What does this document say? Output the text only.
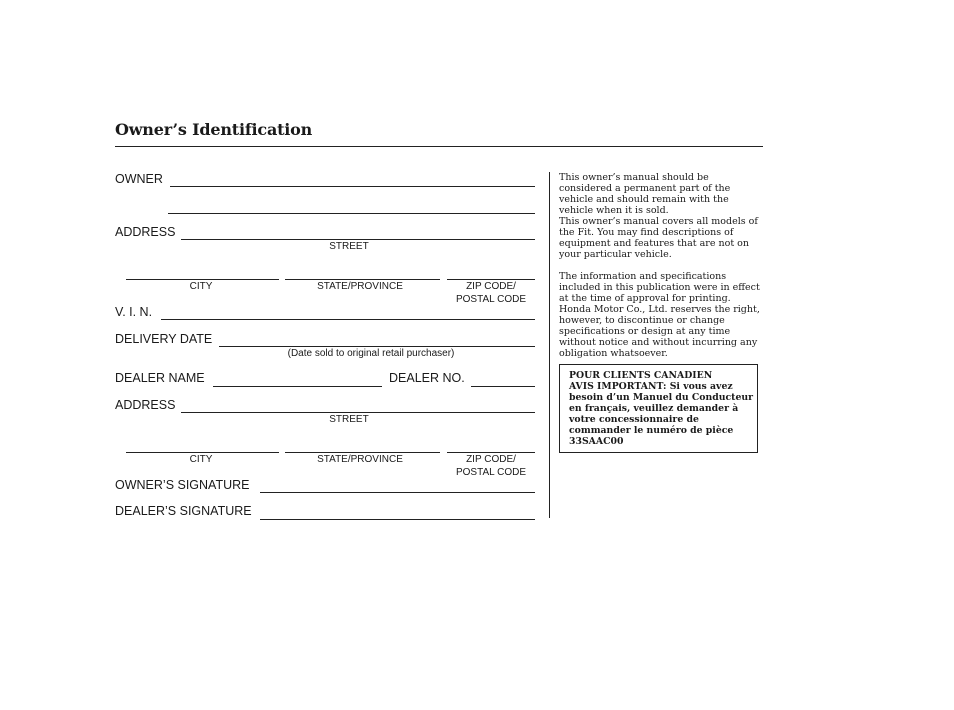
Owner’s Identification
OWNER
ADDRESS
STREET
CITY	STATE/PROVINCE	ZIP CODE/
POSTAL CODE
V. I. N.
DELIVERY DATE
(Date sold to original retail purchaser)
DEALER NAME	DEALER NO.
ADDRESS
STREET
CITY	STATE/PROVINCE	ZIP CODE/
POSTAL CODE
OWNER’S SIGNATURE
DEALER’S SIGNATURE
This owner’s manual should be considered a permanent part of the vehicle and should remain with the vehicle when it is sold.
This owner’s manual covers all models of the Fit. You may find descriptions of equipment and features that are not on your particular vehicle.
The information and specifications included in this publication were in effect at the time of approval for printing. Honda Motor Co., Ltd. reserves the right, however, to discontinue or change specifications or design at any time without notice and without incurring any obligation whatsoever.
POUR CLIENTS CANADIEN
AVIS IMPORTANT: Si vous avez besoin d’un Manuel du Conducteur en français, veuillez demander à votre concessionnaire de commander le numéro de pièce 33SAAC00
